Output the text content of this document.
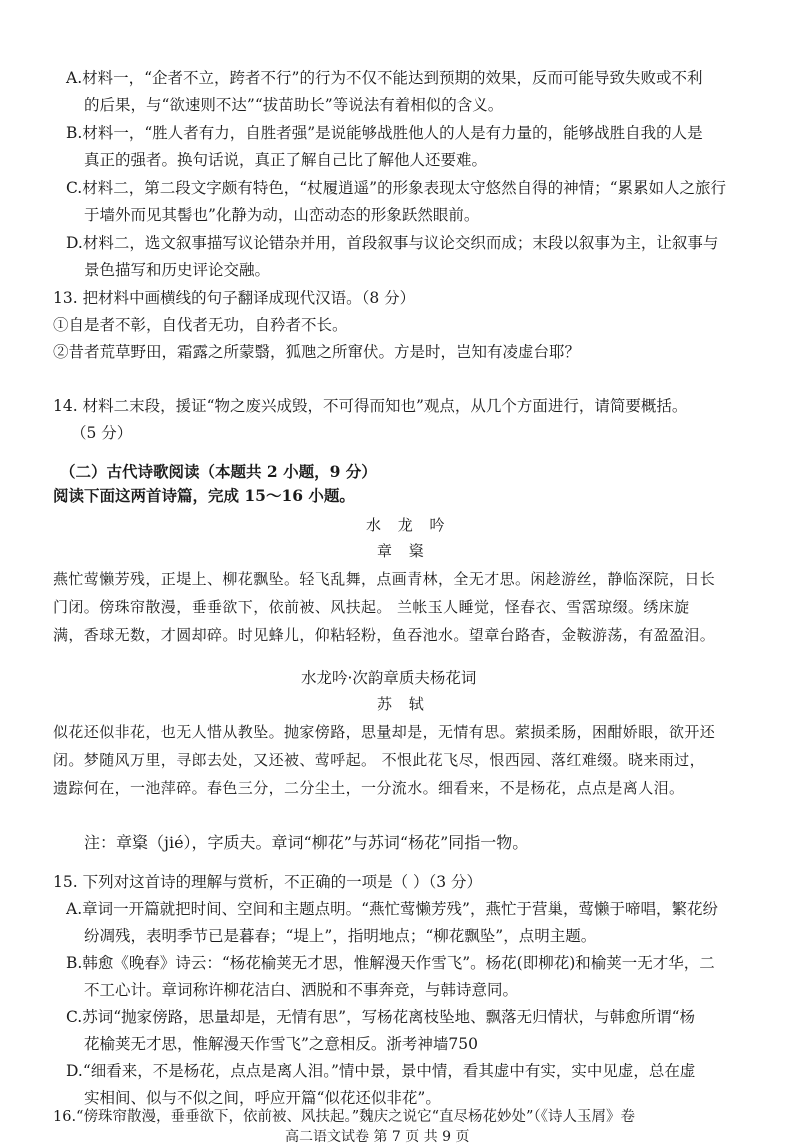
A.材料一，“企者不立，跨者不行”的行为不仅不能达到预期的效果，反而可能导致失败或不利
的后果，与“欲速则不达”“拔苗助长”等说法有着相似的含义。
B.材料一，“胜人者有力，自胜者强”是说能够战胜他人的人是有力量的，能够战胜自我的人是
真正的强者。换句话说，真正了解自己比了解他人还要难。
C.材料二，第二段文字颇有特色，“杖履逍遥”的形象表现太守悠然自得的神情；“累累如人之旅行
于墙外而见其髻也”化静为动，山峦动态的形象跃然眼前。
D.材料二，选文叙事描写议论错杂并用，首段叙事与议论交织而成；末段以叙事为主，让叙事与
景色描写和历史评论交融。
13. 把材料中画横线的句子翻译成现代汉语。（8 分）
①自是者不彰，自伐者无功，自矜者不长。
②昔者荒草野田，霜露之所蒙翳，狐虺之所窜伏。方是时，岂知有凌虚台耶？
14. 材料二末段，援证“物之废兴成毁，不可得而知也”观点，从几个方面进行，请简要概括。
（5 分）
（二）古代诗歌阅读（本题共 2 小题，9 分）
阅读下面这两首诗篇，完成 15～16 小题。
水 龙 吟
章 楶
燕忙莺懒芳残，正堤上、柳花飘坠。轻飞乱舞，点画青林，全无才思。闲趁游丝，静临深院，日长
门闭。傍珠帘散漫，垂垂欲下，依前被、风扶起。 兰帐玉人睡觉，怪春衣、雪霑琼缀。绣床旋
满，香球无数，才圆却碎。时见蜂儿，仰粘轻粉，鱼吞池水。望章台路杳，金鞍游荡，有盈盈泪。
水龙吟·次韵章质夫杨花词
苏 轼
似花还似非花，也无人惜从教坠。抛家傍路，思量却是，无情有思。萦损柔肠，困酣娇眼，欲开还
闭。梦随风万里，寻郎去处，又还被、莺呼起。 不恨此花飞尽，恨西园、落红难缀。晓来雨过，
遗踪何在，一池萍碎。春色三分，二分尘土，一分流水。细看来，不是杨花，点点是离人泪。
注：章楶（jié），字质夫。章词“柳花”与苏词“杨花”同指一物。
15. 下列对这首诗的理解与赏析，不正确的一项是（ ）（3 分）
A.章词一开篇就把时间、空间和主题点明。“燕忙莺懒芳残”，燕忙于营巢，莺懒于啼唱，繁花纷
纷凋残，表明季节已是暮春；“堤上”，指明地点；“柳花飘坠”，点明主题。
B.韩愈《晚春》诗云：“杨花榆荚无才思，惟解漫天作雪飞”。杨花(即柳花)和榆荚一无才华，二
不工心计。章词称许柳花洁白、洒脱和不事奔竞，与韩诗意同。
C.苏词“抛家傍路，思量却是，无情有思”，写杨花离枝坠地、飘落无归情状，与韩愈所谓“杨
花榆荚无才思，惟解漫天作雪飞”之意相反。浙考神墙750
D.“细看来，不是杨花，点点是离人泪。”情中景，景中情，看其虚中有实，实中见虚，总在虚
实相间、似与不似之间，呼应开篇“似花还似非花”。
16.“傍珠帘散漫，垂垂欲下，依前被、风扶起。”魏庆之说它“直尽杨花妙处”（《诗人玉屑》卷
高二语文试卷 第 7 页 共 9 页
